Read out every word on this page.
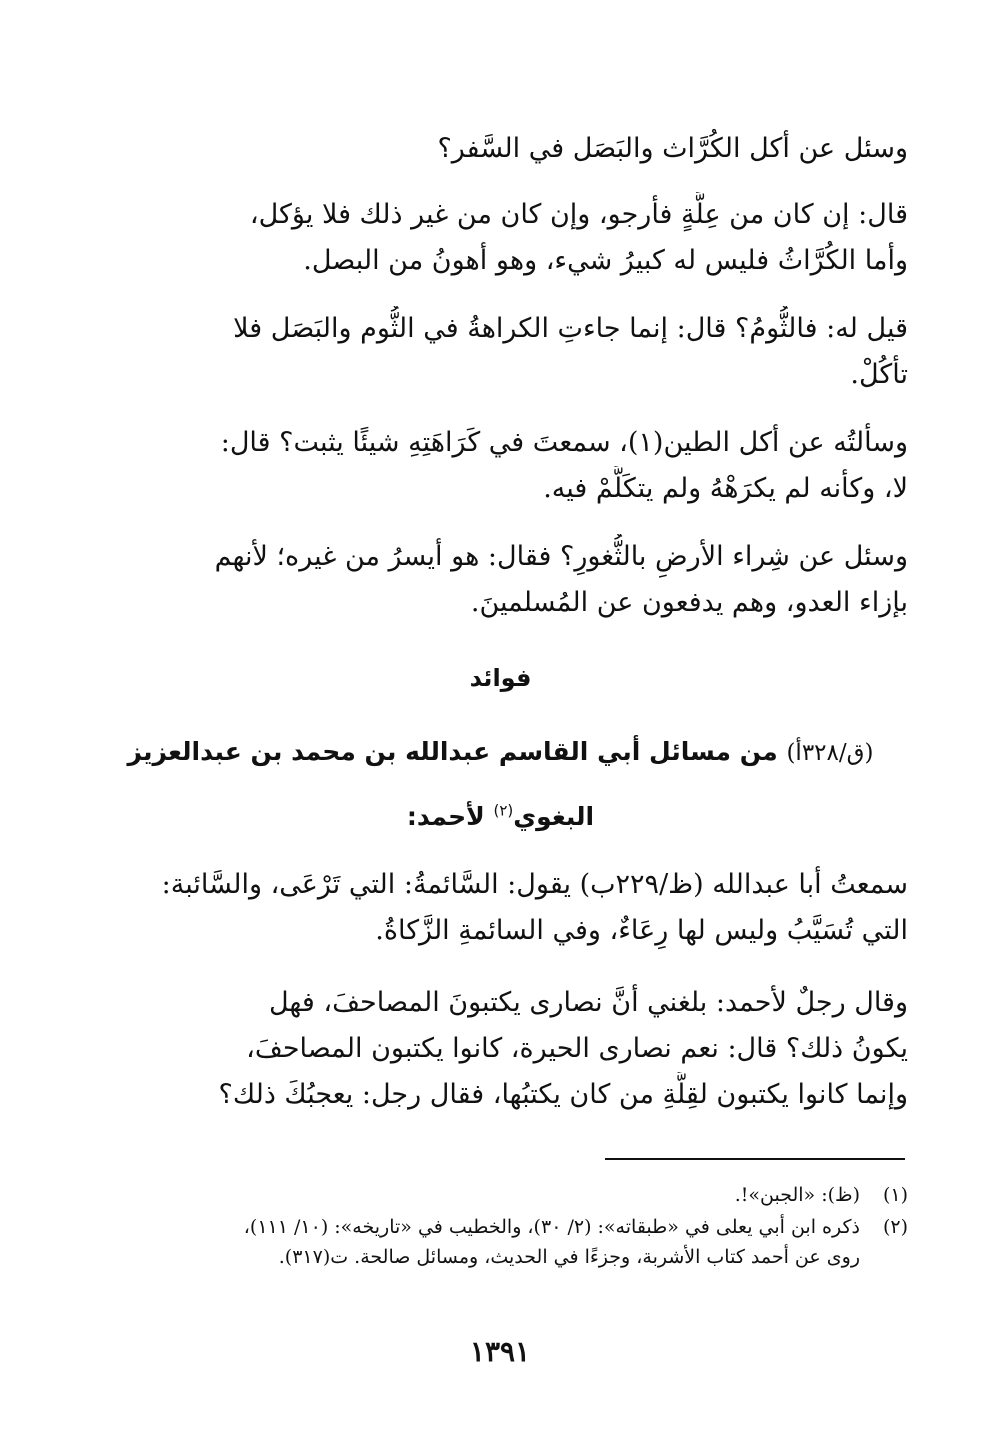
وسئل عن أكل الكُرَّاث والبَصَل في السَّفر؟
قال: إن كان من عِلَّةٍ فأرجو، وإن كان من غير ذلك فلا يؤكل،
وأما الكُرَّاثُ فليس له كبيرُ شيء، وهو أهونُ من البصل.
قيل له: فالثُّومُ؟ قال: إنما جاءتِ الكراهةُ في الثُّوم والبَصَل فلا
تأكُلْ.
وسألتُه عن أكل الطين(١)، سمعتَ في كَرَاهَتِهِ شيئًا يثبت؟ قال:
لا، وكأنه لم يكرَهْهُ ولم يتكَلَّمْ فيه.
وسئل عن شِراء الأرضِ بالثُّغورِ؟ فقال: هو أيسرُ من غيره؛ لأنهم
بإزاء العدو، وهم يدفعون عن المُسلمينَ.
فوائد
(ق/٣٢٨أ) من مسائل أبي القاسم عبدالله بن محمد بن عبدالعزيز
البغوي$^{(٢)}$ لأحمد:
سمعتُ أبا عبدالله (ظ/٢٢٩ب) يقول: السَّائمةُ: التي تَرْعَى، والسَّائبة:
التي تُسَيَّبُ وليس لها رِعَاءٌ، وفي السائمةِ الزَّكاةُ.
وقال رجلٌ لأحمد: بلغني أنَّ نصارى يكتبونَ المصاحفَ، فهل
يكونُ ذلك؟ قال: نعم نصارى الحيرة، كانوا يكتبون المصاحفَ،
وإنما كانوا يكتبون لقِلَّةِ من كان يكتبُها، فقال رجل: يعجبُكَ ذلك؟
(١)
(ظ): «الجبن»!.
(٢)
ذكره ابن أبي يعلى في «طبقاته»: (٢/ ٣٠)، والخطيب في «تاريخه»: (١٠/ ١١١)،
روى عن أحمد كتاب الأشربة، وجزءًا في الحديث، ومسائل صالحة. ت(٣١٧).
١٣٩١
